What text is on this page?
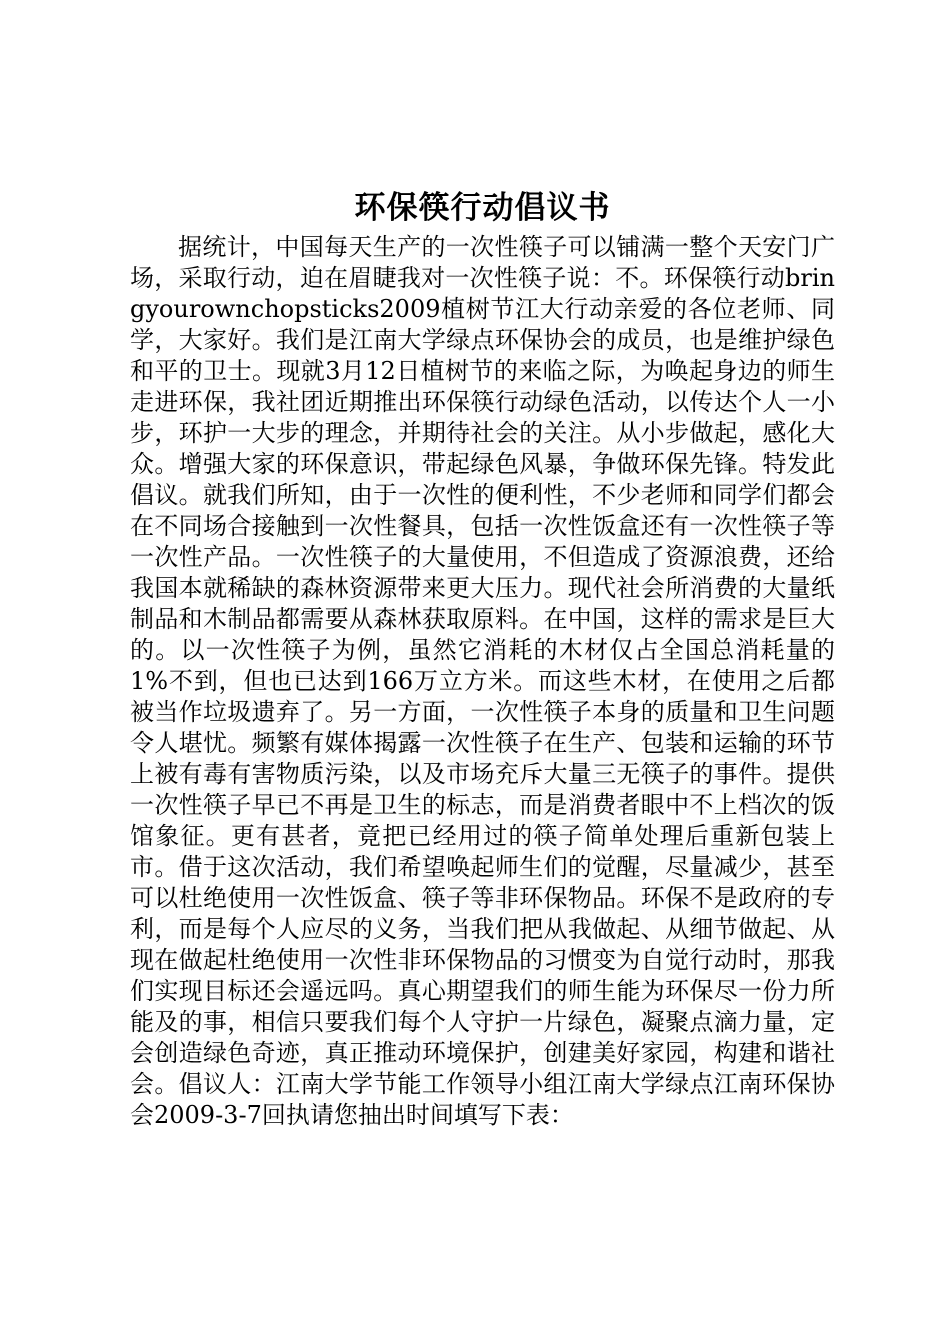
环保筷行动倡议书

据统计，中国每天生产的一次性筷子可以铺满一整个天安门广场，采取行动，迫在眉睫我对一次性筷子说：不。环保筷行动bringyourownchopsticks2009植树节江大行动亲爱的各位老师、同学，大家好。我们是江南大学绿点环保协会的成员，也是维护绿色和平的卫士。现就3月12日植树节的来临之际，为唤起身边的师生走进环保，我社团近期推出环保筷行动绿色活动，以传达个人一小步，环护一大步的理念，并期待社会的关注。从小步做起，感化大众。增强大家的环保意识，带起绿色风暴，争做环保先锋。特发此倡议。就我们所知，由于一次性的便利性，不少老师和同学们都会在不同场合接触到一次性餐具，包括一次性饭盒还有一次性筷子等一次性产品。一次性筷子的大量使用，不但造成了资源浪费，还给我国本就稀缺的森林资源带来更大压力。现代社会所消费的大量纸制品和木制品都需要从森林获取原料。在中国，这样的需求是巨大的。以一次性筷子为例，虽然它消耗的木材仅占全国总消耗量的1%不到，但也已达到166万立方米。而这些木材，在使用之后都被当作垃圾遗弃了。另一方面，一次性筷子本身的质量和卫生问题令人堪忧。频繁有媒体揭露一次性筷子在生产、包装和运输的环节上被有毒有害物质污染，以及市场充斥大量三无筷子的事件。提供一次性筷子早已不再是卫生的标志，而是消费者眼中不上档次的饭馆象征。更有甚者，竟把已经用过的筷子简单处理后重新包装上市。借于这次活动，我们希望唤起师生们的觉醒，尽量减少，甚至可以杜绝使用一次性饭盒、筷子等非环保物品。环保不是政府的专利，而是每个人应尽的义务，当我们把从我做起、从细节做起、从现在做起杜绝使用一次性非环保物品的习惯变为自觉行动时，那我们实现目标还会遥远吗。真心期望我们的师生能为环保尽一份力所能及的事，相信只要我们每个人守护一片绿色，凝聚点滴力量，定会创造绿色奇迹，真正推动环境保护，创建美好家园，构建和谐社会。倡议人：江南大学节能工作领导小组江南大学绿点江南环保协会2009-3-7回执请您抽出时间填写下表：
